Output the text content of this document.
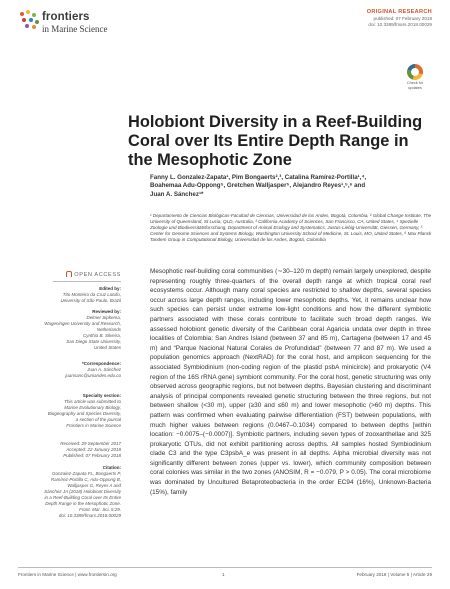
frontiers
in Marine Science
ORIGINAL RESEARCH
published: 07 February 2018
doi: 10.3389/fmars.2018.00029
Check for updates
Holobiont Diversity in a Reef-Building Coral over Its Entire Depth Range in the Mesophotic Zone
Fanny L. Gonzalez-Zapata¹, Pim Bongaerts²,³, Catalina Ramírez-Portilla¹,⁴,
Boahemaa Adu-Oppong⁵, Gretchen Walljasper⁵, Alejandro Reyes¹,⁵,⁶ and
Juan A. Sánchez¹*
¹ Departamento de Ciencias Biológicas-Facultad de Ciencias, Universidad de los Andes, Bogotá, Colombia, ² Global Change Institute, The University of Queensland, St Lucia, QLD, Australia, ³ California Academy of Sciences, San Francisco, CA, United States, ⁴ Spezielle Zoologie und Biodiversitätsforschung, Department of Animal Ecology and Systematics, Justus-Liebig-Universität, Giessen, Germany, ⁵ Center for Genome Sciences and Systems Biology, Washington University School of Medicine, St. Louis, MO, United States, ⁶ Max Planck Tandem Group in Computational Biology, Universidad de los Andes, Bogotá, Colombia
OPEN ACCESS
Edited by:
Tito Monteiro da Cruz Lotufo,
University of São Paulo, Brazil
Reviewed by:
Delmer Sipkema,
Wageningen University and Research,
Netherlands
Cynthia B. Silveira,
San Diego State University,
United States
*Correspondence:
Juan A. Sánchez
juansanc@uniandes.edu.co
Specialty section:
This article was submitted to
Marine Evolutionary Biology,
Biogeography and Species Diversity,
a section of the journal
Frontiers in Marine Science
Received: 29 September 2017
Accepted: 22 January 2018
Published: 07 February 2018
Citation:
Gonzalez-Zapata FL, Bongaerts P,
Ramírez-Portilla C, Adu-Oppong B,
Walljasper G, Reyes A and
Sánchez JA (2018) Holobiont Diversity
in a Reef-Building Coral over Its Entire
Depth Range in the Mesophotic Zone.
Front. Mar. Sci. 5:29.
doi: 10.3389/fmars.2018.00029
Mesophotic reef-building coral communities (∼30–120 m depth) remain largely unexplored, despite representing roughly three-quarters of the overall depth range at which tropical coral reef ecosystems occur. Although many coral species are restricted to shallow depths, several species occur across large depth ranges, including lower mesophotic depths. Yet, it remains unclear how such species can persist under extreme low-light conditions and how the different symbiotic partners associated with these corals contribute to facilitate such broad depth ranges. We assessed holobiont genetic diversity of the Caribbean coral Agaricia undata over depth in three localities of Colombia: San Andres Island (between 37 and 85 m), Cartagena (between 17 and 45 m) and “Parque Nacional Natural Corales de Profundidad” (between 77 and 87 m). We used a population genomics approach (NextRAD) for the coral host, and amplicon sequencing for the associated Symbiodinium (non-coding region of the plastid psbA minicircle) and prokaryotic (V4 region of the 16S rRNA gene) symbiont community. For the coral host, genetic structuring was only observed across geographic regions, but not between depths. Bayesian clustering and discriminant analysis of principal components revealed genetic structuring between the three regions, but not between shallow (<30 m), upper (≥30 and ≤60 m) and lower mesophotic (>60 m) depths. This pattern was confirmed when evaluating pairwise differentiation (FST) between populations, with much higher values between regions (0.0467–0.1034) compared to between depths [within location: −0.0075–(−0.0007)]. Symbiotic partners, including seven types of zooxanthellae and 325 prokaryotic OTUs, did not exhibit partitioning across depths. All samples hosted Symbiodinium clade C3 and the type C3psbA_e was present in all depths. Alpha microbial diversity was not significantly different between zones (upper vs. lower), which community composition between coral colonies was similar in the two zones (ANOSIM, R = −0.079, P > 0.05). The coral microbiome was dominated by Uncultured Betaproteobacteria in the order EC94 (16%), Unknown-Bacteria (15%), family
Frontiers in Marine Science | www.frontiersin.org	1	February 2018 | Volume 5 | Article 29
